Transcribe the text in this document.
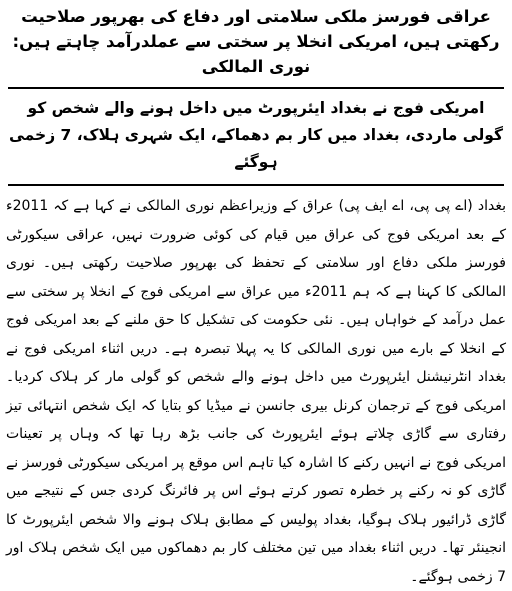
عراقی فورسز ملکی سلامتی اور دفاع کی بھرپور صلاحیت رکھتی ہیں، امریکی انخلا پر سختی سے عملدرآمد چاہتے ہیں: نوری المالکی

امریکی فوج نے بغداد ایئرپورٹ میں داخل ہونے والے شخص کو گولی ماردی، بغداد میں کار بم دھماکے، ایک شہری ہلاک، 7 زخمی ہوگئے

بغداد (اے پی پی، اے ایف پی) عراق کے وزیراعظم نوری المالکی نے کہا ہے کہ 2011ء کے بعد امریکی فوج کی عراق میں قیام کی کوئی ضرورت نہیں، عراقی سیکورٹی فورسز ملکی دفاع اور سلامتی کے تحفظ کی بھرپور صلاحیت رکھتی ہیں۔ نوری المالکی کا کہنا ہے کہ ہم 2011ء میں عراق سے امریکی فوج کے انخلا پر سختی سے عمل درآمد کے خواہاں ہیں۔ نئی حکومت کی تشکیل کا حق ملنے کے بعد امریکی فوج کے انخلا کے بارے میں نوری المالکی کا یہ پہلا تبصرہ ہے۔ دریں اثناء امریکی فوج نے بغداد انٹرنیشنل ایئرپورٹ میں داخل ہونے والے شخص کو گولی مار کر ہلاک کردیا۔ امریکی فوج کے ترجمان کرنل بیری جانسن نے میڈیا کو بتایا کہ ایک شخص انتہائی تیز رفتاری سے گاڑی چلاتے ہوئے ایئرپورٹ کی جانب بڑھ رہا تھا کہ وہاں پر تعینات امریکی فوج نے انہیں رکنے کا اشارہ کیا تاہم اس موقع پر امریکی سیکورٹی فورسز نے گاڑی کو نہ رکنے پر خطرہ تصور کرتے ہوئے اس پر فائرنگ کردی جس کے نتیجے میں گاڑی ڈرائیور ہلاک ہوگیا، بغداد پولیس کے مطابق ہلاک ہونے والا شخص ایئرپورٹ کا انجینئر تھا۔ دریں اثناء بغداد میں تین مختلف کار بم دھماکوں میں ایک شخص ہلاک اور 7 زخمی ہوگئے۔
